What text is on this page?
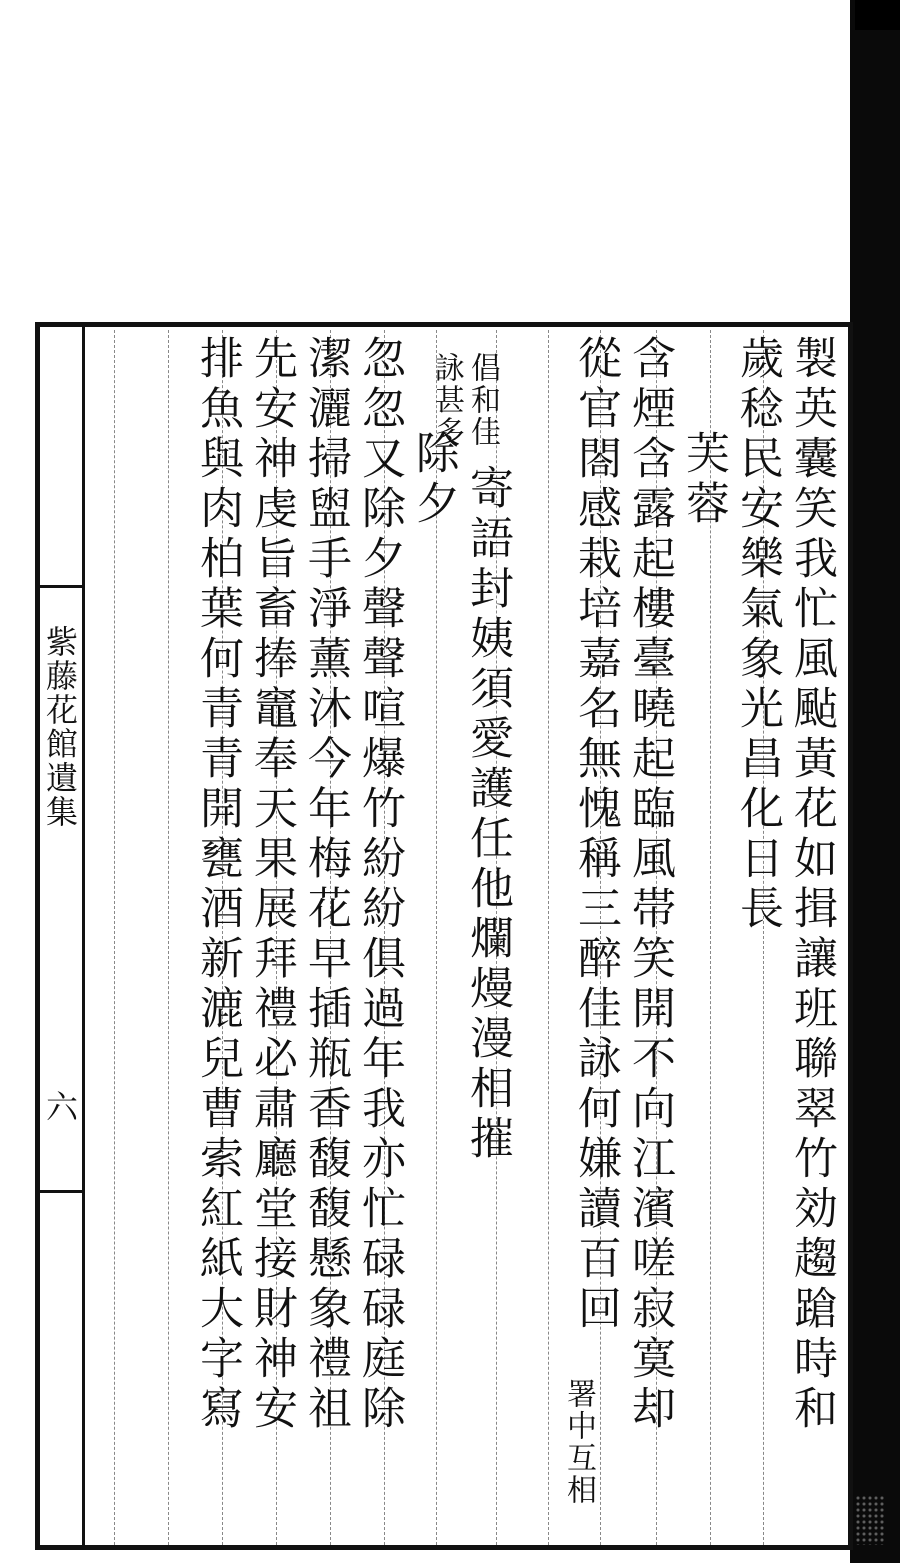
紫藤花館遺集
六	製英囊笑我忙風颭黃花如揖讓班聯翠竹効趨蹌時和
歲稔民安樂氣象光昌化日長
芙蓉
含煙含露起樓臺曉起臨風帯笑開不向江濱嗟寂寞却
從官閤感栽培嘉名無愧稱三醉佳詠何嫌讀百回
署中互相
倡和佳
詠甚多
寄語封姨須愛護任他爛熳漫相摧
除夕
忽忽又除夕聲聲喧爆竹紛紛俱過年我亦忙碌碌庭除
潔灑掃盥手淨薰沐今年梅花早插瓶香馥馥懸象禮祖
先安神虔旨畜捧竈奉天果展拜禮必肅廳堂接財神安
排魚與肉柏葉何青青開甕酒新漉兒曹索紅紙大字寫
